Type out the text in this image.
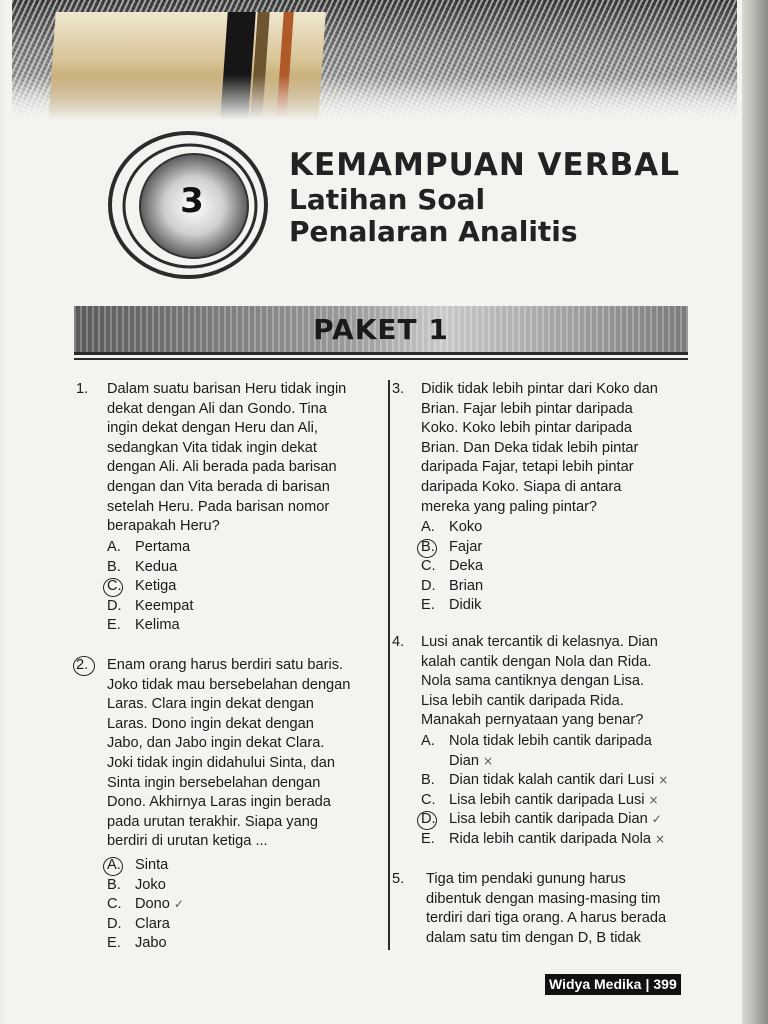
3
KEMAMPUAN VERBAL
Latihan Soal
Penalaran Analitis
PAKET 1
1.	Dalam suatu barisan Heru tidak ingin
dekat dengan Ali dan Gondo. Tina
ingin dekat dengan Heru dan Ali,
sedangkan Vita tidak ingin dekat
dengan Ali. Ali berada pada barisan
dengan dan Vita berada di barisan
setelah Heru. Pada barisan nomor
berapakah Heru?
A. Pertama
B. Kedua
C. Ketiga
D. Keempat
E. Kelima
2.	Enam orang harus berdiri satu baris.
Joko tidak mau bersebelahan dengan
Laras. Clara ingin dekat dengan
Laras. Dono ingin dekat dengan
Jabo, dan Jabo ingin dekat Clara.
Joki tidak ingin didahului Sinta, dan
Sinta ingin bersebelahan dengan
Dono. Akhirnya Laras ingin berada
pada urutan terakhir. Siapa yang
berdiri di urutan ketiga ...
A. Sinta
B. Joko
C. Dono ✓
D. Clara
E. Jabo
3.	Didik tidak lebih pintar dari Koko dan
Brian. Fajar lebih pintar daripada
Koko. Koko lebih pintar daripada
Brian. Dan Deka tidak lebih pintar
daripada Fajar, tetapi lebih pintar
daripada Koko. Siapa di antara
mereka yang paling pintar?
A. Koko
B. Fajar
C. Deka
D. Brian
E. Didik
4.	Lusi anak tercantik di kelasnya. Dian
kalah cantik dengan Nola dan Rida.
Nola sama cantiknya dengan Lisa.
Lisa lebih cantik daripada Rida.
Manakah pernyataan yang benar?
A. Nola tidak lebih cantik daripada
Dian ×
B. Dian tidak kalah cantik dari Lusi ×
C. Lisa lebih cantik daripada Lusi ×
D. Lisa lebih cantik daripada Dian ✓
E. Rida lebih cantik daripada Nola ×
5.	Tiga tim pendaki gunung harus
dibentuk dengan masing-masing tim
terdiri dari tiga orang. A harus berada
dalam satu tim dengan D, B tidak
Widya Medika | 399
